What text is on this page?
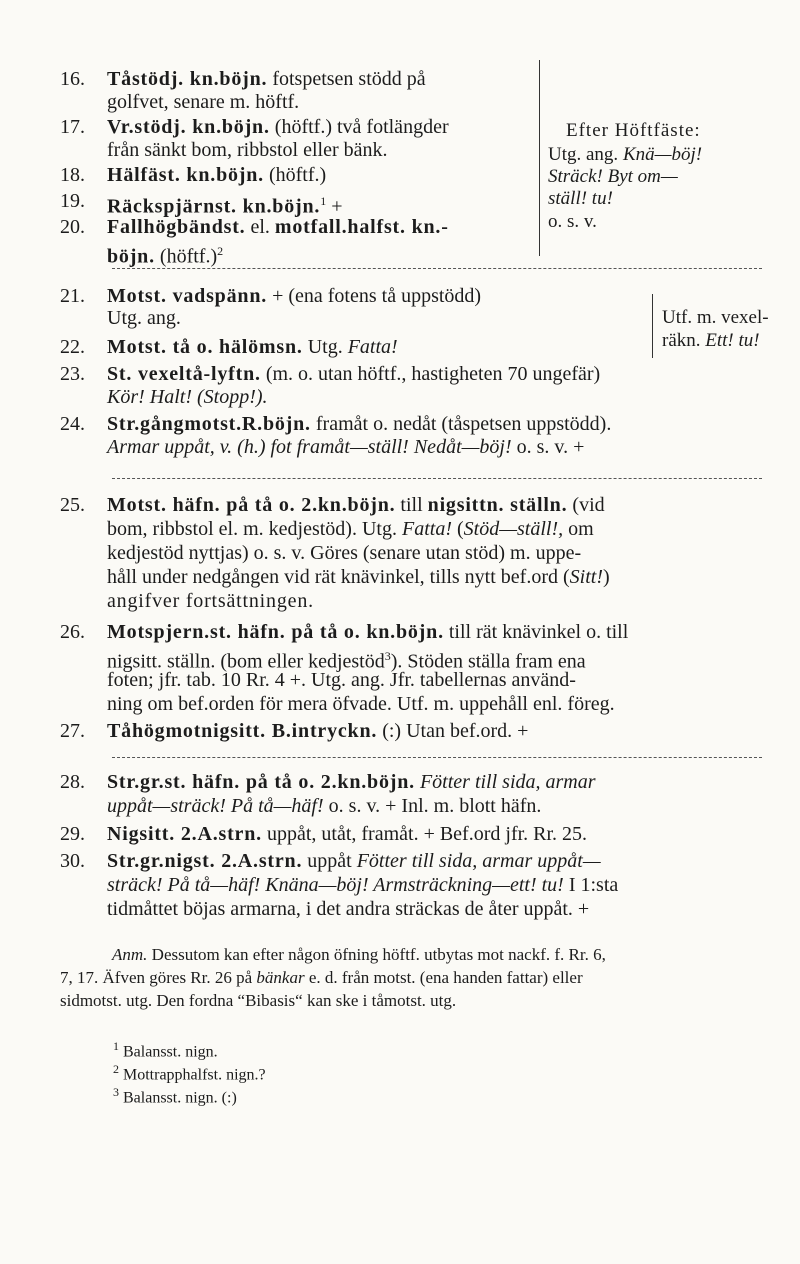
16.	Tåstödj. kn.böjn. fotspetsen stödd på
golfvet, senare m. höftf.
17.	Vr.stödj. kn.böjn. (höftf.) två fotlängder
från sänkt bom, ribbstol eller bänk.
18.	Hälfäst. kn.böjn. (höftf.)
19.	Räckspjärnst. kn.böjn.$^1$ +
20.	Fallhögbändst. el. motfall.halfst. kn.-
böjn. (höftf.)$^2$
Efter Höftfäste:
Utg. ang. Knä—böj!
Sträck! Byt om—
ställ! tu!
o. s. v.
21.	Motst. vadspänn. + (ena fotens tå uppstödd)
Utg. ang.
22.	Motst. tå o. hälömsn. Utg. Fatta!
Utf. m. vexel-
räkn. Ett! tu!
23.	St. vexeltå-lyftn. (m. o. utan höftf., hastigheten 70 ungefär)
Kör! Halt! (Stopp!).
24.	Str.gångmotst.R.böjn. framåt o. nedåt (tåspetsen uppstödd).
Armar uppåt, v. (h.) fot framåt—ställ! Nedåt—böj! o. s. v. +
25.	Motst. häfn. på tå o. 2.kn.böjn. till nigsittn. ställn. (vid
bom, ribbstol el. m. kedjestöd). Utg. Fatta! (Stöd—ställ!, om
kedjestöd nyttjas) o. s. v. Göres (senare utan stöd) m. uppe-
håll under nedgången vid rät knävinkel, tills nytt bef.ord (Sitt!)
angifver fortsättningen.
26.	Motspjern.st. häfn. på tå o. kn.böjn. till rät knävinkel o. till
nigsitt. ställn. (bom eller kedjestöd$^3$). Stöden ställa fram ena
foten; jfr. tab. 10 Rr. 4 +. Utg. ang. Jfr. tabellernas använd-
ning om bef.orden för mera öfvade. Utf. m. uppehåll enl. föreg.
27.	Tåhögmotnigsitt. B.intryckn. (:) Utan bef.ord. +
28.	Str.gr.st. häfn. på tå o. 2.kn.böjn. Fötter till sida, armar
uppåt—sträck! På tå—häf! o. s. v. + Inl. m. blott häfn.
29.	Nigsitt. 2.A.strn. uppåt, utåt, framåt. + Bef.ord jfr. Rr. 25.
30.	Str.gr.nigst. 2.A.strn. uppåt Fötter till sida, armar uppåt—
sträck! På tå—häf! Knäna—böj! Armsträckning—ett! tu! I 1:sta
tidmåttet böjas armarna, i det andra sträckas de åter uppåt. +
Anm. Dessutom kan efter någon öfning höftf. utbytas mot nackf. f. Rr. 6,
7, 17. Äfven göres Rr. 26 på bänkar e. d. från motst. (ena handen fattar) eller
sidmotst. utg. Den fordna “Bibasis“ kan ske i tåmotst. utg.
$^1$ Balansst. nign.
$^2$ Mottrapphalfst. nign.?
$^3$ Balansst. nign. (:)
